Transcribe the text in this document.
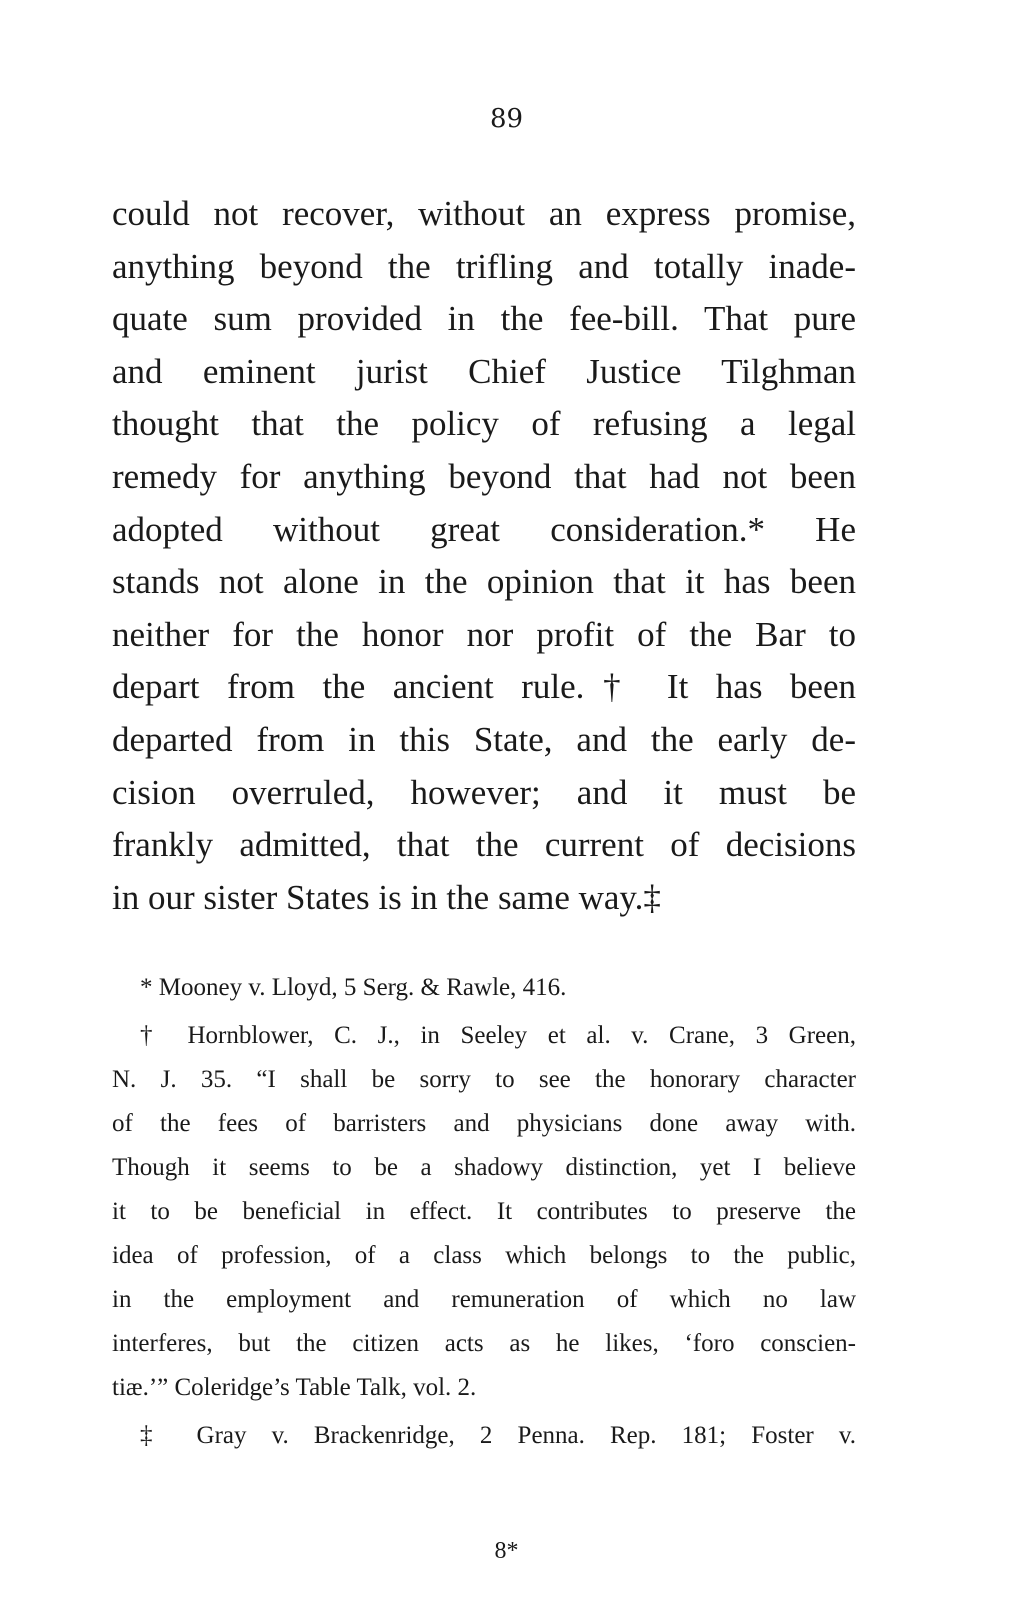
89
could not recover, without an express promise,
anything beyond the trifling and totally inade-
quate sum provided in the fee-bill. That pure
and eminent jurist Chief Justice Tilghman
thought that the policy of refusing a legal
remedy for anything beyond that had not been
adopted without great consideration.* He
stands not alone in the opinion that it has been
neither for the honor nor profit of the Bar to
depart from the ancient rule.† It has been
departed from in this State, and the early de-
cision overruled, however; and it must be
frankly admitted, that the current of decisions
in our sister States is in the same way.‡
* Mooney v. Lloyd, 5 Serg. & Rawle, 416.
† Hornblower, C. J., in Seeley et al. v. Crane, 3 Green,
N. J. 35. “I shall be sorry to see the honorary character
of the fees of barristers and physicians done away with.
Though it seems to be a shadowy distinction, yet I believe
it to be beneficial in effect. It contributes to preserve the
idea of profession, of a class which belongs to the public,
in the employment and remuneration of which no law
interferes, but the citizen acts as he likes, ‘foro conscien-
tiæ.’” Coleridge’s Table Talk, vol. 2.
‡ Gray v. Brackenridge, 2 Penna. Rep. 181; Foster v.
8*
